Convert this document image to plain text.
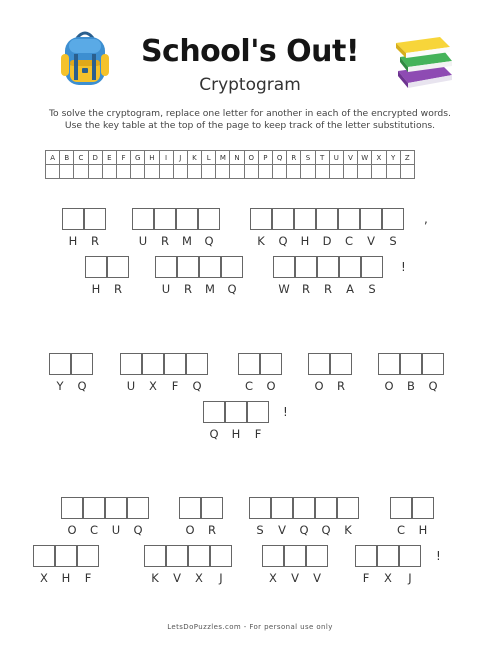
School's Out!
Cryptogram
To solve the cryptogram, replace one letter for another in each of the encrypted words.
Use the key table at the top of the page to keep track of the letter substitutions.
A	B	C	D	E	F	G	H	I	J	K	L	M	N	O	P	Q	R	S	T	U	V	W	X	Y	Z

H R	U R M Q	K Q H D C V S
,
H R	U R M Q	W R R A S
!
Y Q	U X F Q	C O	O R	O B Q
Q H F
!
O C U Q	O R	S V Q Q K	C H
X H F	K V X J	X V V	F X J
!
LetsDoPuzzles.com - For personal use only
